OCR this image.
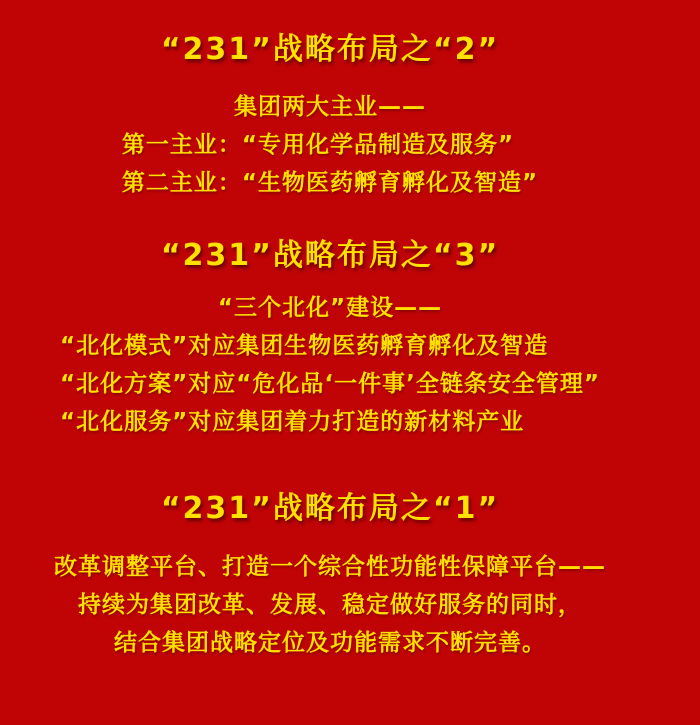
“231”战略布局之“2”
集团两大主业——
第一主业：“专用化学品制造及服务”
第二主业：“生物医药孵育孵化及智造”
“231”战略布局之“3”
“三个北化”建设——
“北化模式”对应集团生物医药孵育孵化及智造
“北化方案”对应“危化品‘一件事’全链条安全管理”
“北化服务”对应集团着力打造的新材料产业
“231”战略布局之“1”
改革调整平台、打造一个综合性功能性保障平台——
持续为集团改革、发展、稳定做好服务的同时，
结合集团战略定位及功能需求不断完善。
